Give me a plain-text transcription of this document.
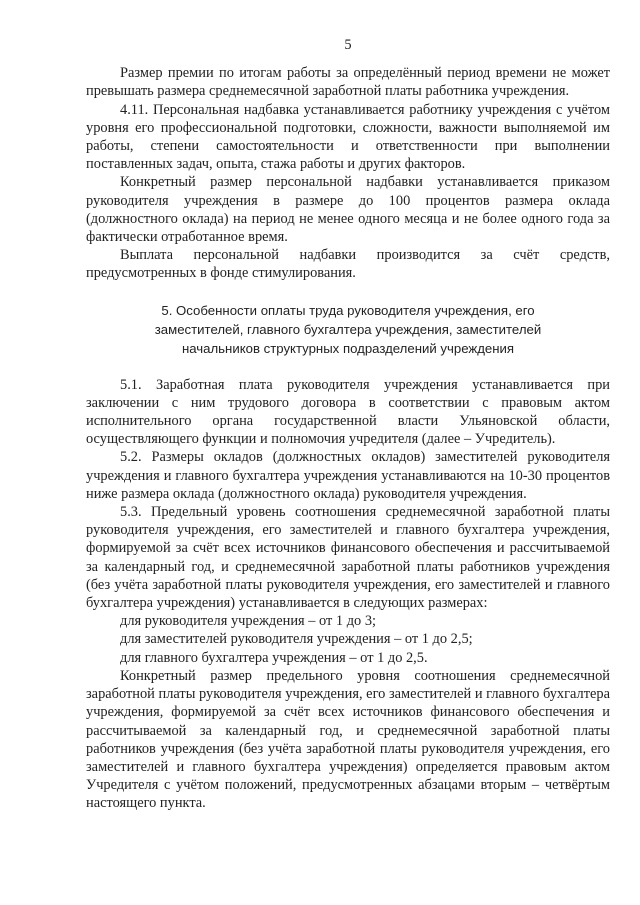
5

Размер премии по итогам работы за определённый период времени не может превышать размера среднемесячной заработной платы работника учреждения.

4.11. Персональная надбавка устанавливается работнику учреждения с учётом уровня его профессиональной подготовки, сложности, важности выполняемой им работы, степени самостоятельности и ответственности при выполнении поставленных задач, опыта, стажа работы и других факторов.

Конкретный размер персональной надбавки устанавливается приказом руководителя учреждения в размере до 100 процентов размера оклада (должностного оклада) на период не менее одного месяца и не более одного года за фактически отработанное время.

Выплата персональной надбавки производится за счёт средств, предусмотренных в фонде стимулирования.

5. Особенности оплаты труда руководителя учреждения, его
заместителей, главного бухгалтера учреждения, заместителей
начальников структурных подразделений учреждения

5.1. Заработная плата руководителя учреждения устанавливается при заключении с ним трудового договора в соответствии с правовым актом исполнительного органа государственной власти Ульяновской области, осуществляющего функции и полномочия учредителя (далее – Учредитель).

5.2. Размеры окладов (должностных окладов) заместителей руководителя учреждения и главного бухгалтера учреждения устанавливаются на 10-30 процентов ниже размера оклада (должностного оклада) руководителя учреждения.

5.3. Предельный уровень соотношения среднемесячной заработной платы руководителя учреждения, его заместителей и главного бухгалтера учреждения, формируемой за счёт всех источников финансового обеспечения и рассчитываемой за календарный год, и среднемесячной заработной платы работников учреждения (без учёта заработной платы руководителя учреждения, его заместителей и главного бухгалтера учреждения) устанавливается в следующих размерах:

для руководителя учреждения – от 1 до 3;

для заместителей руководителя учреждения – от 1 до 2,5;

для главного бухгалтера учреждения – от 1 до 2,5.

Конкретный размер предельного уровня соотношения среднемесячной заработной платы руководителя учреждения, его заместителей и главного бухгалтера учреждения, формируемой за счёт всех источников финансового обеспечения и рассчитываемой за календарный год, и среднемесячной заработной платы работников учреждения (без учёта заработной платы руководителя учреждения, его заместителей и главного бухгалтера учреждения) определяется правовым актом Учредителя с учётом положений, предусмотренных абзацами вторым – четвёртым настоящего пункта.
